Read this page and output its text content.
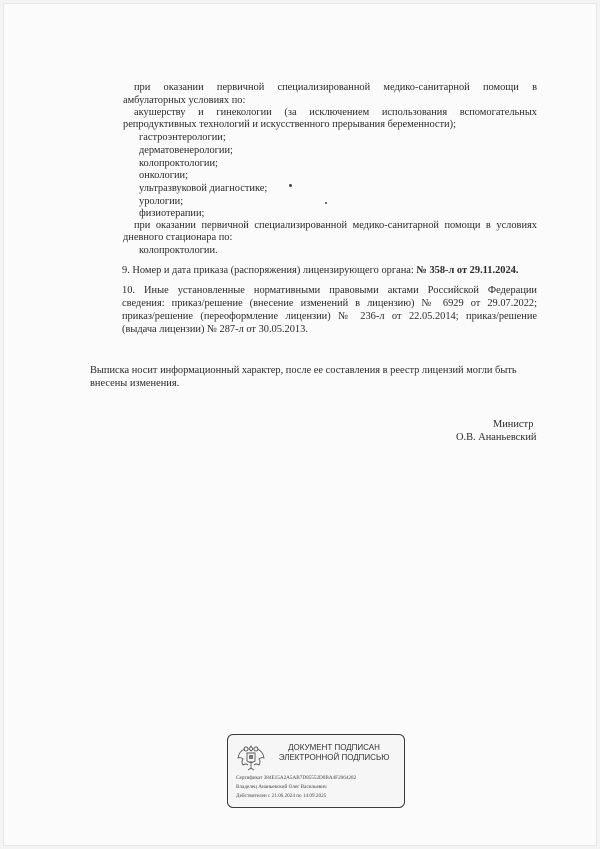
при оказании первичной специализированной медико-санитарной помощи в
амбулаторных условиях по:
акушерству и гинекологии (за исключением использования вспомогательных
репродуктивных технологий и искусственного прерывания беременности);
гастроэнтерологии;
дерматовенерологии;
колопроктологии;
онкологии;
ультразвуковой диагностике;
урологии;
физиотерапии;
при оказании первичной специализированной медико-санитарной помощи в условиях
дневного стационара по:
колопроктологии.
9. Номер и дата приказа (распоряжения) лицензирующего органа: № 358-л от 29.11.2024.
10. Иные установленные нормативными правовыми актами Российской Федерации
сведения: приказ/решение (внесение изменений в лицензию) № 6929 от 29.07.2022;
приказ/решение (переоформление лицензии) № 236-л от 22.05.2014; приказ/решение
(выдача лицензии) № 287-л от 30.05.2013.
Выписка носит информационный характер, после ее составления в реестр лицензий могли быть
внесены изменения.
Министр
О.В. Ананьевский
ДОКУМЕНТ ПОДПИСАН
ЭЛЕКТРОННОЙ ПОДПИСЬЮ
Сертификат 384E15A2A5AB7D85552D0BA4F2064282
Владелец Ананьевский Олег Васильевич
Действителен с 21.06.2024 по 14.09.2025
